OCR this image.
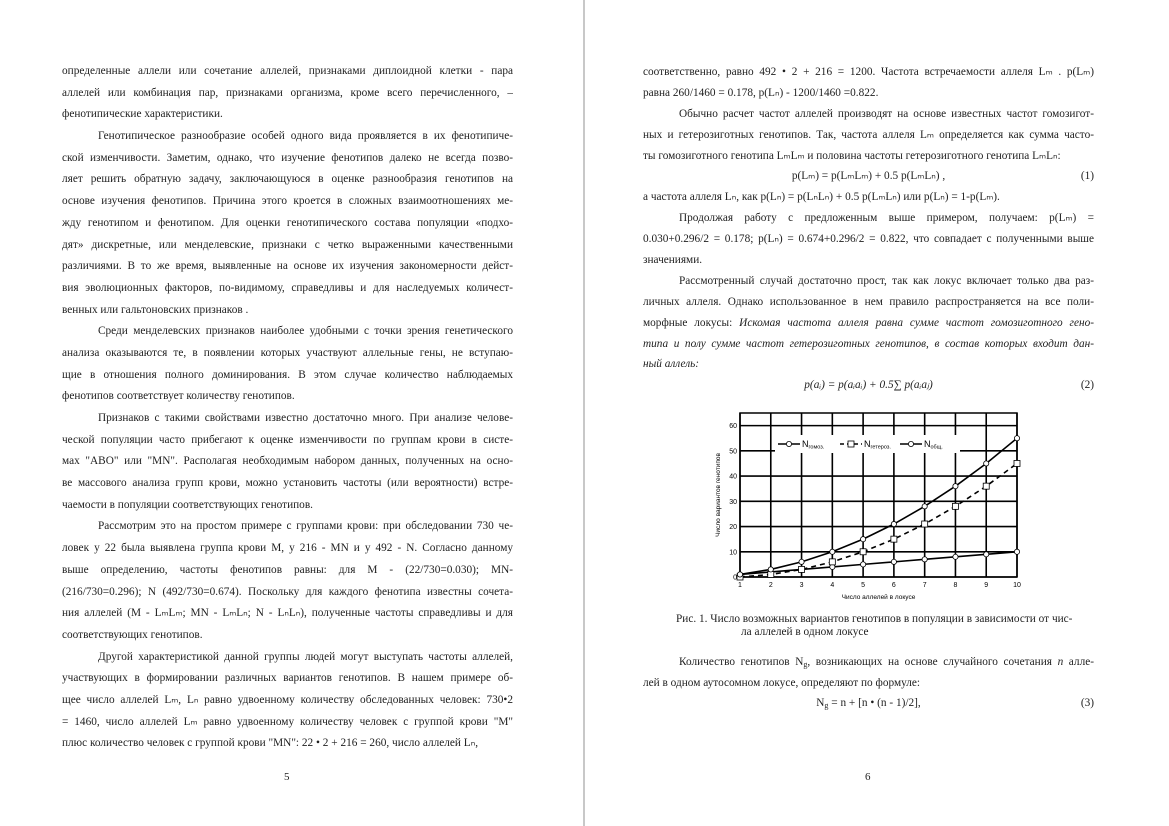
определенные аллели или сочетание аллелей, признаками диплоидной клетки - пара
аллелей или комбинация пар, признаками организма, кроме всего перечисленного, –
фенотипические характеристики.
Генотипическое разнообразие особей одного вида проявляется в их фенотипиче-
ской изменчивости. Заметим, однако, что изучение фенотипов далеко не всегда позво-
ляет решить обратную задачу, заключающуюся в оценке разнообразия генотипов на
основе изучения фенотипов. Причина этого кроется в сложных взаимоотношениях ме-
жду генотипом и фенотипом. Для оценки генотипического состава популяции «подхо-
дят» дискретные, или менделевские, признаки с четко выраженными качественными
различиями. В то же время, выявленные на основе их изучения закономерности дейст-
вия эволюционных факторов, по-видимому, справедливы и для наследуемых количест-
венных или гальтоновских признаков .
Среди менделевских признаков наиболее удобными с точки зрения генетического
анализа оказываются те, в появлении которых участвуют аллельные гены, не вступаю-
щие в отношения полного доминирования. В этом случае количество наблюдаемых
фенотипов соответствует количеству генотипов.
Признаков с такими свойствами известно достаточно много. При анализе челове-
ческой популяции часто прибегают к оценке изменчивости по группам крови в систе-
мах "АВО" или "MN". Располагая необходимым набором данных, полученных на осно-
ве массового анализа групп крови, можно установить частоты (или вероятности) встре-
чаемости в популяции соответствующих генотипов.
Рассмотрим это на простом примере с группами крови: при обследовании 730 че-
ловек у 22 была выявлена группа крови М, у 216 - MN и у 492 - N. Согласно данному
выше определению, частоты фенотипов равны: для М - (22/730=0.030); MN-
(216/730=0.296); N (492/730=0.674). Поскольку для каждого фенотипа известны сочета-
ния аллелей (М - LₘLₘ; MN - LₘLₙ; N - LₙLₙ), полученные частоты справедливы и для
соответствующих генотипов.
Другой характеристикой данной группы людей могут выступать частоты аллелей,
участвующих в формировании различных вариантов генотипов. В нашем примере об-
щее число аллелей Lₘ, Lₙ равно удвоенному количеству обследованных человек: 730•2
= 1460, число аллелей Lₘ равно удвоенному количеству человек с группой крови "М"
плюс количество человек с группой крови "MN": 22 • 2 + 216 = 260, число аллелей Lₙ,
5	6
соответственно, равно 492 • 2 + 216 = 1200. Частота встречаемости аллеля Lₘ . p(Lₘ)
равна 260/1460 = 0.178, p(Lₙ) - 1200/1460 =0.822.
Обычно расчет частот аллелей производят на основе известных частот гомозигот-
ных и гетерозиготных генотипов. Так, частота аллеля Lₘ определяется как сумма часто-
ты гомозиготного генотипа LₘLₘ и половина частоты гетерозиготного генотипа LₘLₙ:
p(Lₘ) = p(LₘLₘ) + 0.5 p(LₘLₙ) ,	(1)
а частота аллеля Lₙ, как p(Lₙ) = p(LₙLₙ) + 0.5 p(LₘLₙ) или p(Lₙ) = 1-p(Lₘ).
Продолжая работу с предложенным выше примером, получаем: p(Lₘ) =
0.030+0.296/2 = 0.178; p(Lₙ) = 0.674+0.296/2 = 0.822, что совпадает с полученными выше
значениями.
Рассмотренный случай достаточно прост, так как локус включает только два раз-
личных аллеля. Однако использованное в нем правило распространяется на все поли-
морфные локусы: Искомая частота аллеля равна сумме частот гомозиготного гено-
типа и полу сумме частот гетерозиготных генотипов, в состав которых входит дан-
ный аллель:
p(aᵢ) = p(aᵢaᵢ) + 0.5∑ p(aᵢaⱼ)	(2)
1	2	3	4	5	6	7	8	9	10
0
10
20
30
40
50
60
Число аллелей в локусе
Число вариантов генотипов
Nгомоз.	Nгетероз.	Nобщ.
Рис. 1. Число возможных вариантов генотипов в популяции в зависимости от чис-
ла аллелей в одном локусе
Количество генотипов $N_g$, возникающих на основе случайного сочетания n алле-
лей в одном аутосомном локусе, определяют по формуле:
$N_g = n + [n$ • (n - 1)/2],	(3)
